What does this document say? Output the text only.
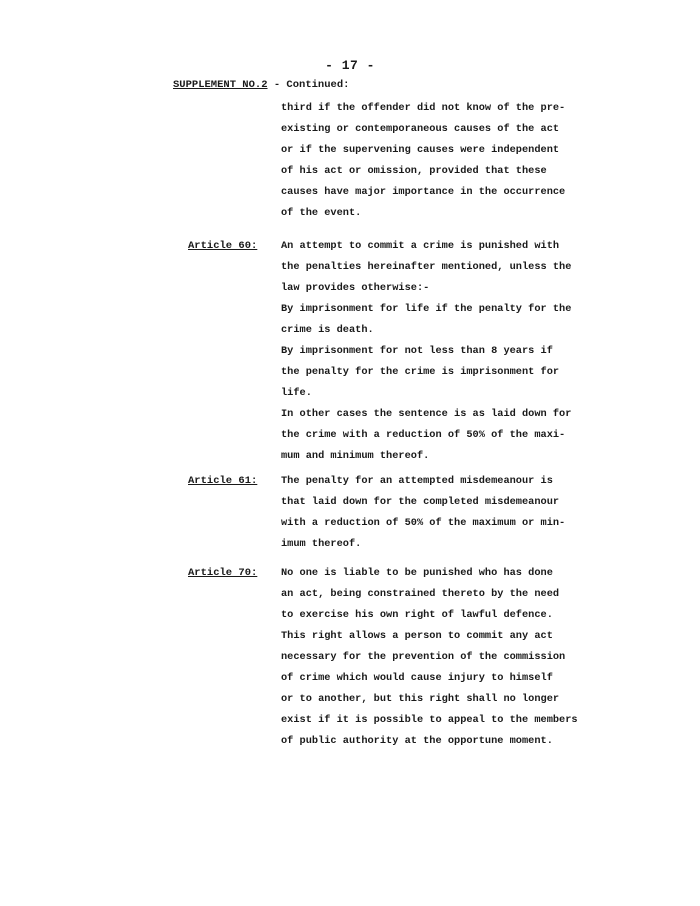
- 17 -
SUPPLEMENT NO.2 - Continued:
third if the offender did not know of the pre-
existing or contemporaneous causes of the act
or if the supervening causes were independent
of his act or omission, provided that these
causes have major importance in the occurrence
of the event.
Article 60: An attempt to commit a crime is punished with
the penalties hereinafter mentioned, unless the
law provides otherwise:-
By imprisonment for life if the penalty for the
crime is death.
By imprisonment for not less than 8 years if
the penalty for the crime is imprisonment for
life.
In other cases the sentence is as laid down for
the crime with a reduction of 50% of the maxi-
mum and minimum thereof.
Article 61: The penalty for an attempted misdemeanour is
that laid down for the completed misdemeanour
with a reduction of 50% of the maximum or min-
imum thereof.
Article 70: No one is liable to be punished who has done
an act, being constrained thereto by the need
to exercise his own right of lawful defence.
This right allows a person to commit any act
necessary for the prevention of the commission
of crime which would cause injury to himself
or to another, but this right shall no longer
exist if it is possible to appeal to the members
of public authority at the opportune moment.
